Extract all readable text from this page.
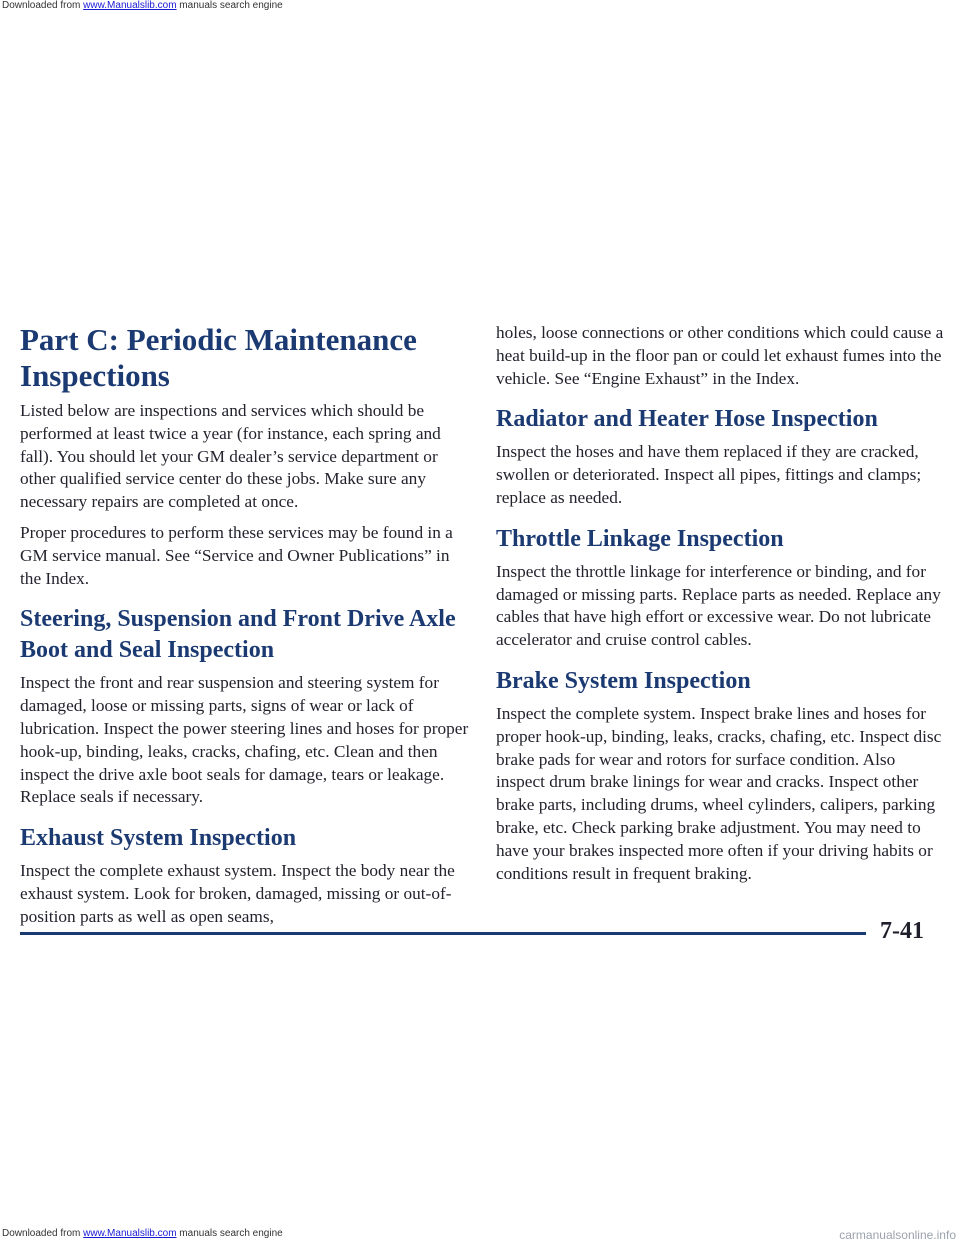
Downloaded from www.Manualslib.com manuals search engine
Part C: Periodic Maintenance Inspections

Listed below are inspections and services which should be performed at least twice a year (for instance, each spring and fall). You should let your GM dealer’s service department or other qualified service center do these jobs. Make sure any necessary repairs are completed at once.

Proper procedures to perform these services may be found in a GM service manual. See “Service and Owner Publications” in the Index.

Steering, Suspension and Front Drive Axle Boot and Seal Inspection

Inspect the front and rear suspension and steering system for damaged, loose or missing parts, signs of wear or lack of lubrication. Inspect the power steering lines and hoses for proper hook-up, binding, leaks, cracks, chafing, etc. Clean and then inspect the drive axle boot seals for damage, tears or leakage. Replace seals if necessary.

Exhaust System Inspection

Inspect the complete exhaust system. Inspect the body near the exhaust system. Look for broken, damaged, missing or out-of-position parts as well as open seams,

holes, loose connections or other conditions which could cause a heat build-up in the floor pan or could let exhaust fumes into the vehicle. See “Engine Exhaust” in the Index.

Radiator and Heater Hose Inspection

Inspect the hoses and have them replaced if they are cracked, swollen or deteriorated. Inspect all pipes, fittings and clamps; replace as needed.

Throttle Linkage Inspection

Inspect the throttle linkage for interference or binding, and for damaged or missing parts. Replace parts as needed. Replace any cables that have high effort or excessive wear. Do not lubricate accelerator and cruise control cables.

Brake System Inspection

Inspect the complete system. Inspect brake lines and hoses for proper hook-up, binding, leaks, cracks, chafing, etc. Inspect disc brake pads for wear and rotors for surface condition. Also inspect drum brake linings for wear and cracks. Inspect other brake parts, including drums, wheel cylinders, calipers, parking brake, etc. Check parking brake adjustment. You may need to have your brakes inspected more often if your driving habits or conditions result in frequent braking.

7-41
Downloaded from www.Manualslib.com manuals search engine	carmanualsonline.info
